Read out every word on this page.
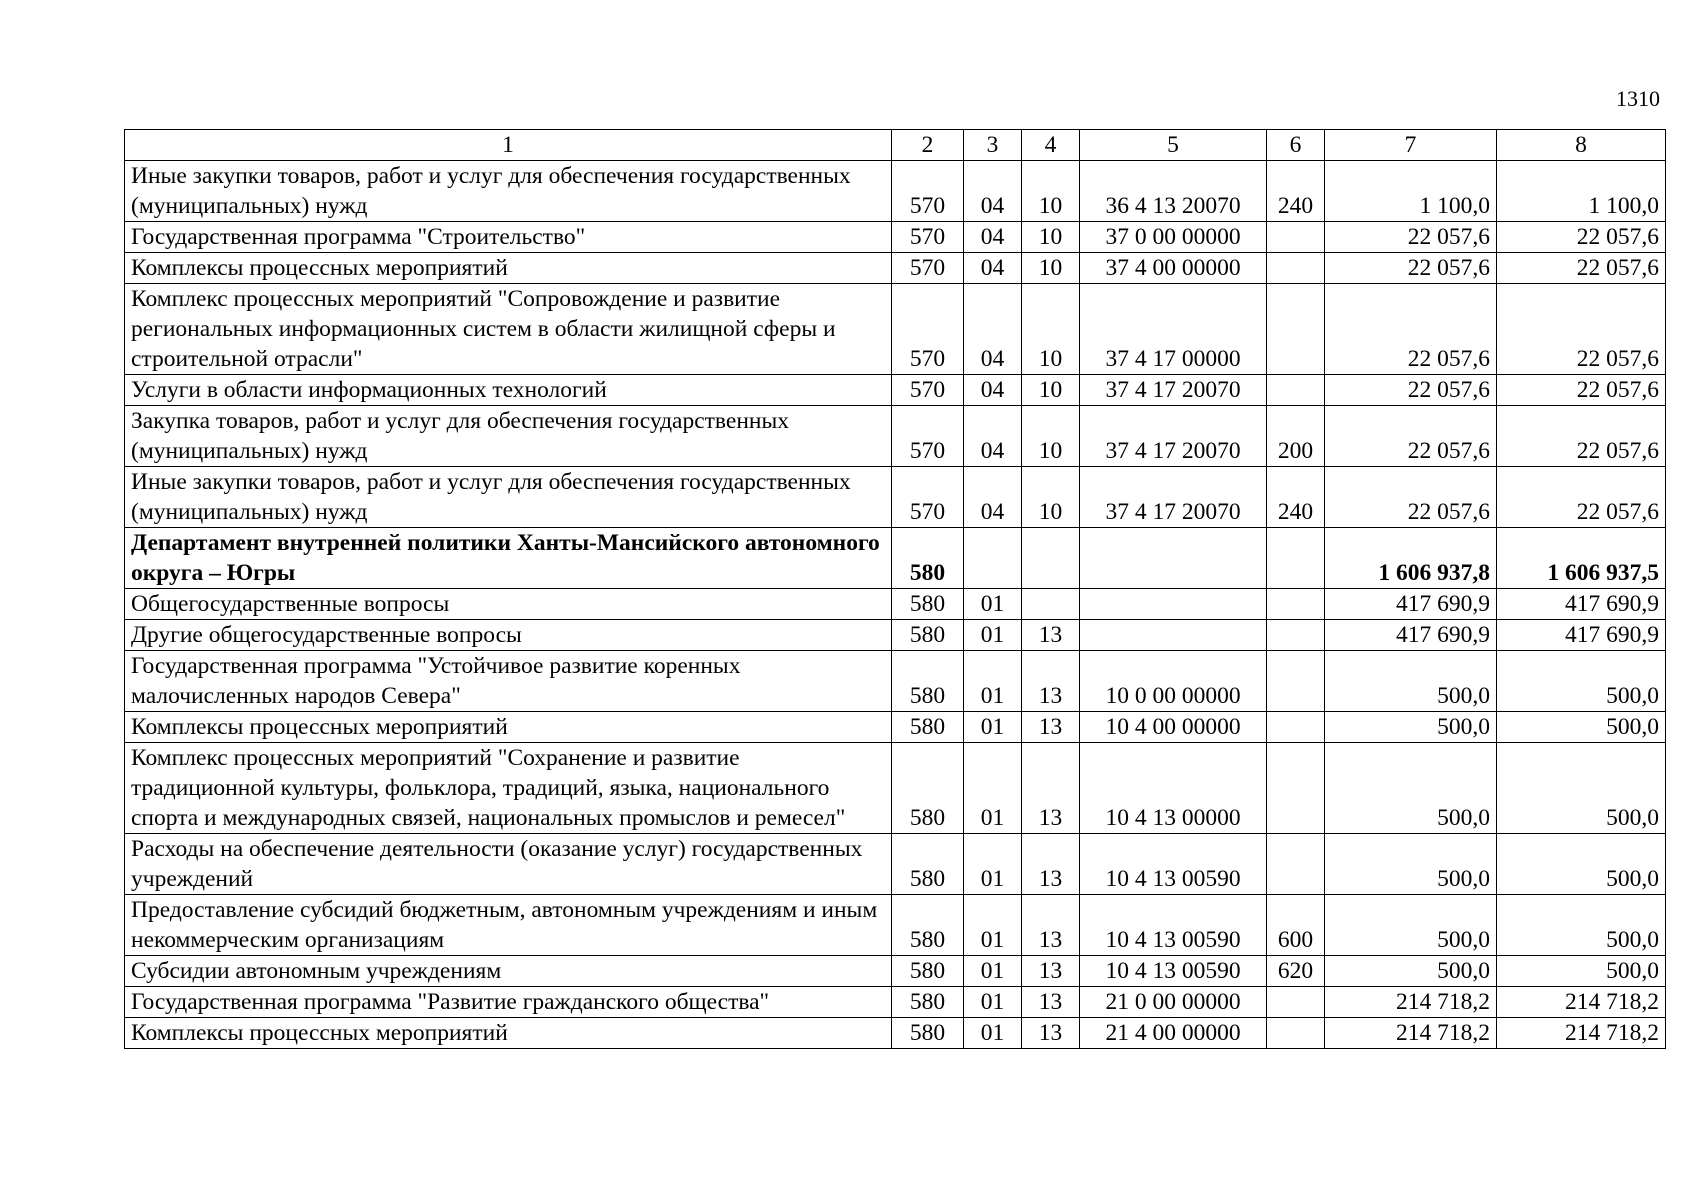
1310
1	2	3	4	5	6	7	8
Иные закупки товаров, работ и услуг для обеспечения государственных (муниципальных) нужд	570	04	10	36 4 13 20070	240	1 100,0	1 100,0
Государственная программа "Строительство"	570	04	10	37 0 00 00000		22 057,6	22 057,6
Комплексы процессных мероприятий	570	04	10	37 4 00 00000		22 057,6	22 057,6
Комплекс процессных мероприятий "Сопровождение и развитие региональных информационных систем в области жилищной сферы и строительной отрасли"	570	04	10	37 4 17 00000		22 057,6	22 057,6
Услуги в области информационных технологий	570	04	10	37 4 17 20070		22 057,6	22 057,6
Закупка товаров, работ и услуг для обеспечения государственных (муниципальных) нужд	570	04	10	37 4 17 20070	200	22 057,6	22 057,6
Иные закупки товаров, работ и услуг для обеспечения государственных (муниципальных) нужд	570	04	10	37 4 17 20070	240	22 057,6	22 057,6
Департамент внутренней политики Ханты-Мансийского автономного округа – Югры	580					1 606 937,8	1 606 937,5
Общегосударственные вопросы	580	01				417 690,9	417 690,9
Другие общегосударственные вопросы	580	01	13			417 690,9	417 690,9
Государственная программа "Устойчивое развитие коренных малочисленных народов Севера"	580	01	13	10 0 00 00000		500,0	500,0
Комплексы процессных мероприятий	580	01	13	10 4 00 00000		500,0	500,0
Комплекс процессных мероприятий "Сохранение и развитие традиционной культуры, фольклора, традиций, языка, национального спорта и международных связей, национальных промыслов и ремесел"	580	01	13	10 4 13 00000		500,0	500,0
Расходы на обеспечение деятельности (оказание услуг) государственных учреждений	580	01	13	10 4 13 00590		500,0	500,0
Предоставление субсидий бюджетным, автономным учреждениям и иным некоммерческим организациям	580	01	13	10 4 13 00590	600	500,0	500,0
Субсидии автономным учреждениям	580	01	13	10 4 13 00590	620	500,0	500,0
Государственная программа "Развитие гражданского общества"	580	01	13	21 0 00 00000		214 718,2	214 718,2
Комплексы процессных мероприятий	580	01	13	21 4 00 00000		214 718,2	214 718,2
